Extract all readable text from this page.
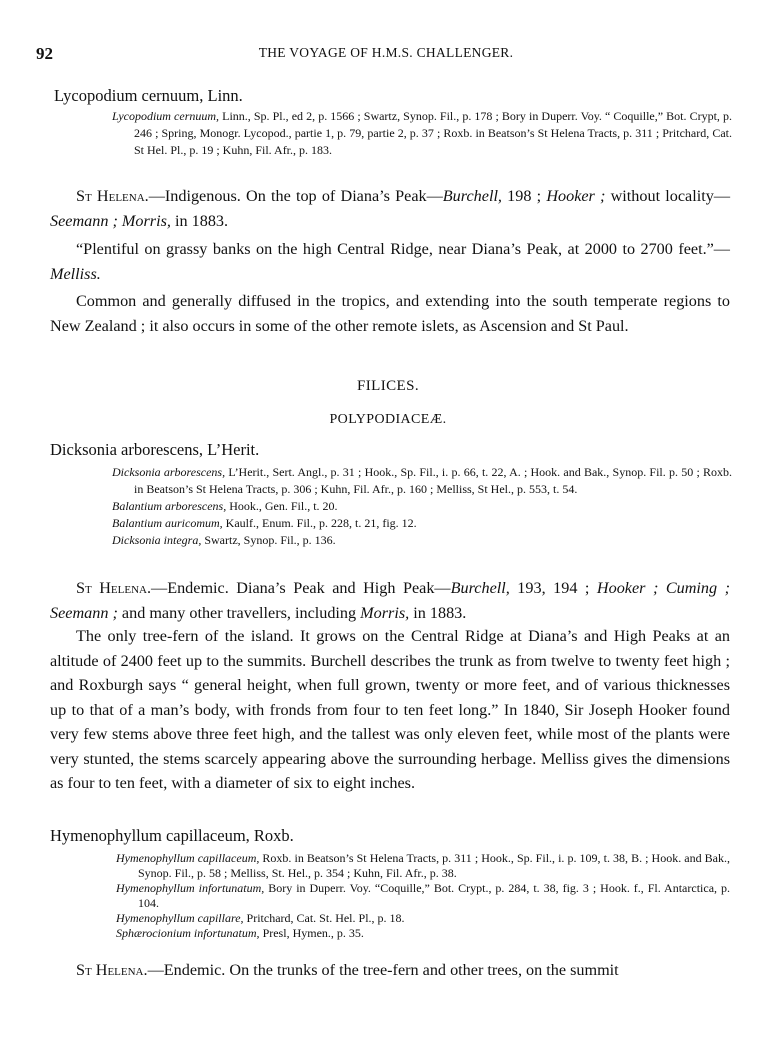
92	THE VOYAGE OF H.M.S. CHALLENGER.
Lycopodium cernuum, Linn.

Lycopodium cernuum, Linn., Sp. Pl., ed 2, p. 1566 ; Swartz, Synop. Fil., p. 178 ; Bory in Duperr. Voy. “ Coquille,” Bot. Crypt, p. 246 ; Spring, Monogr. Lycopod., partie 1, p. 79, partie 2, p. 37 ; Roxb. in Beatson’s St Helena Tracts, p. 311 ; Pritchard, Cat. St Hel. Pl., p. 19 ; Kuhn, Fil. Afr., p. 183.

St Helena.—Indigenous. On the top of Diana’s Peak—Burchell, 198 ; Hooker ; without locality—Seemann ; Morris, in 1883.
“Plentiful on grassy banks on the high Central Ridge, near Diana’s Peak, at 2000 to 2700 feet.”—Melliss.
Common and generally diffused in the tropics, and extending into the south temperate regions to New Zealand ; it also occurs in some of the other remote islets, as Ascension and St Paul.
FILICES.
POLYPODIACEÆ.
Dicksonia arborescens, L’Herit.

Dicksonia arborescens, L’Herit., Sert. Angl., p. 31 ; Hook., Sp. Fil., i. p. 66, t. 22, A. ; Hook. and Bak., Synop. Fil. p. 50 ; Roxb. in Beatson’s St Helena Tracts, p. 306 ; Kuhn, Fil. Afr., p. 160 ; Melliss, St Hel., p. 553, t. 54.

Balantium arborescens, Hook., Gen. Fil., t. 20.

Balantium auricomum, Kaulf., Enum. Fil., p. 228, t. 21, fig. 12.

Dicksonia integra, Swartz, Synop. Fil., p. 136.

St Helena.—Endemic. Diana’s Peak and High Peak—Burchell, 193, 194 ; Hooker ; Cuming ; Seemann ; and many other travellers, including Morris, in 1883.
The only tree-fern of the island. It grows on the Central Ridge at Diana’s and High Peaks at an altitude of 2400 feet up to the summits. Burchell describes the trunk as from twelve to twenty feet high ; and Roxburgh says “ general height, when full grown, twenty or more feet, and of various thicknesses up to that of a man’s body, with fronds from four to ten feet long.” In 1840, Sir Joseph Hooker found very few stems above three feet high, and the tallest was only eleven feet, while most of the plants were very stunted, the stems scarcely appearing above the surrounding herbage. Melliss gives the dimensions as four to ten feet, with a diameter of six to eight inches.
Hymenophyllum capillaceum, Roxb.

Hymenophyllum capillaceum, Roxb. in Beatson’s St Helena Tracts, p. 311 ; Hook., Sp. Fil., i. p. 109, t. 38, B. ; Hook. and Bak., Synop. Fil., p. 58 ; Melliss, St. Hel., p. 354 ; Kuhn, Fil. Afr., p. 38.

Hymenophyllum infortunatum, Bory in Duperr. Voy. “Coquille,” Bot. Crypt., p. 284, t. 38, fig. 3 ; Hook. f., Fl. Antarctica, p. 104.

Hymenophyllum capillare, Pritchard, Cat. St. Hel. Pl., p. 18.

Sphærocionium infortunatum, Presl, Hymen., p. 35.

St Helena.—Endemic. On the trunks of the tree-fern and other trees, on the summit
